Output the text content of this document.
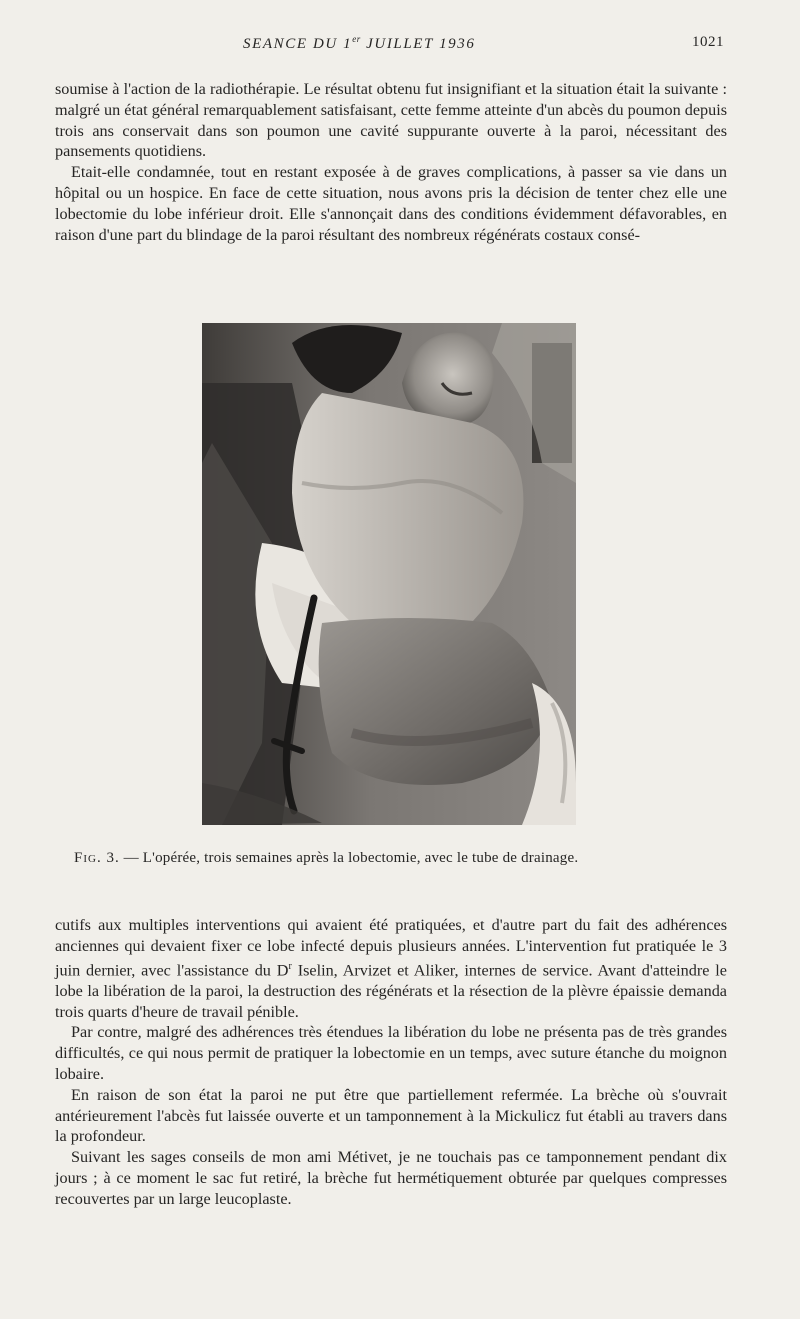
SEANCE DU 1er JUILLET 1936	1021

soumise à l'action de la radiothérapie. Le résultat obtenu fut insignifiant et la situation était la suivante : malgré un état général remarquablement satisfaisant, cette femme atteinte d'un abcès du poumon depuis trois ans conservait dans son poumon une cavité suppurante ouverte à la paroi, nécessitant des pansements quotidiens.

Etait-elle condamnée, tout en restant exposée à de graves complications, à passer sa vie dans un hôpital ou un hospice. En face de cette situation, nous avons pris la décision de tenter chez elle une lobectomie du lobe inférieur droit. Elle s'annonçait dans des conditions évidemment défavorables, en raison d'une part du blindage de la paroi résultant des nombreux régénérats costaux consé-

Fig. 3. — L'opérée, trois semaines après la lobectomie, avec le tube de drainage.

cutifs aux multiples interventions qui avaient été pratiquées, et d'autre part du fait des adhérences anciennes qui devaient fixer ce lobe infecté depuis plusieurs années. L'intervention fut pratiquée le 3 juin dernier, avec l'assistance du $D^r$ Iselin, Arvizet et Aliker, internes de service. Avant d'atteindre le lobe la libération de la paroi, la destruction des régénérats et la résection de la plèvre épaissie demanda trois quarts d'heure de travail pénible.

Par contre, malgré des adhérences très étendues la libération du lobe ne présenta pas de très grandes difficultés, ce qui nous permit de pratiquer la lobectomie en un temps, avec suture étanche du moignon lobaire.

En raison de son état la paroi ne put être que partiellement refermée. La brèche où s'ouvrait antérieurement l'abcès fut laissée ouverte et un tamponnement à la Mickulicz fut établi au travers dans la profondeur.

Suivant les sages conseils de mon ami Métivet, je ne touchais pas ce tamponnement pendant dix jours ; à ce moment le sac fut retiré, la brèche fut hermétiquement obturée par quelques compresses recouvertes par un large leucoplaste.
